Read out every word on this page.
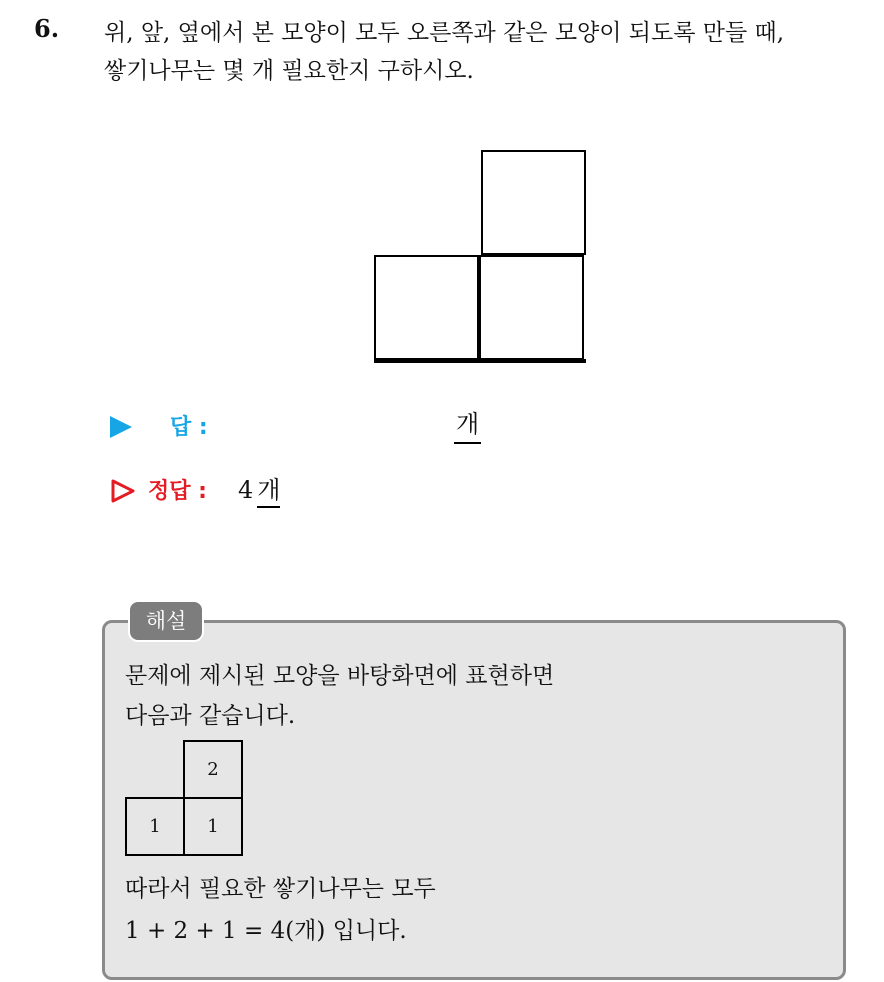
6. 위, 앞, 옆에서 본 모양이 모두 오른쪽과 같은 모양이 되도록 만들 때,
쌓기나무는 몇 개 필요한지 구하시오.
답 :	개
정답 : 4 개
해설
문제에 제시된 모양을 바탕화면에 표현하면
다음과 같습니다.
2
1	1
따라서 필요한 쌓기나무는 모두
1 + 2 + 1 = 4(개) 입니다.
